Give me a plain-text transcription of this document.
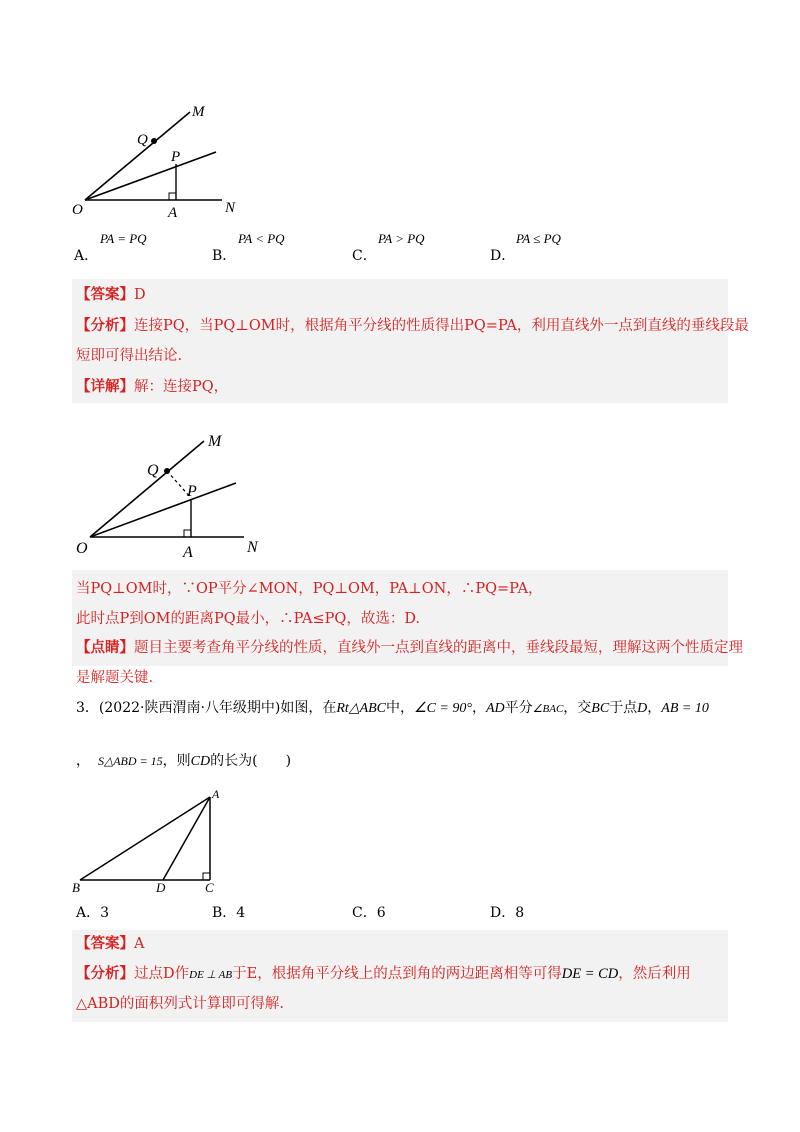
O	A	N
M
Q
P
A．
PA = PQ
B．
PA < PQ
C．
PA > PQ
D．
PA ≤ PQ
【答案】D
【分析】连接PQ，当PQ⊥OM时，根据角平分线的性质得出PQ=PA，利用直线外一点到直线的垂线段最
短即可得出结论.
【详解】解：连接PQ，
O	A	N
M
Q
P
当PQ⊥OM时，∵OP平分∠MON，PQ⊥OM，PA⊥ON，∴PQ=PA，
此时点P到OM的距离PQ最小，∴PA≤PQ，故选：D.
【点睛】题目主要考查角平分线的性质，直线外一点到直线的距离中，垂线段最短，理解这两个性质定理
是解题关键.
3．(2022·陕西渭南·八年级期中)如图，在Rt△ABC中，∠C = 90°，AD平分∠BAC，交BC于点D，AB = 10
， S△ABD = 15，则CD的长为(　　)
A
B	D	C
A．3	B．4	C．6	D．8
【答案】A
【分析】过点D作DE ⊥ AB于E，根据角平分线上的点到角的两边距离相等可得DE = CD，然后利用
△ABD的面积列式计算即可得解.
